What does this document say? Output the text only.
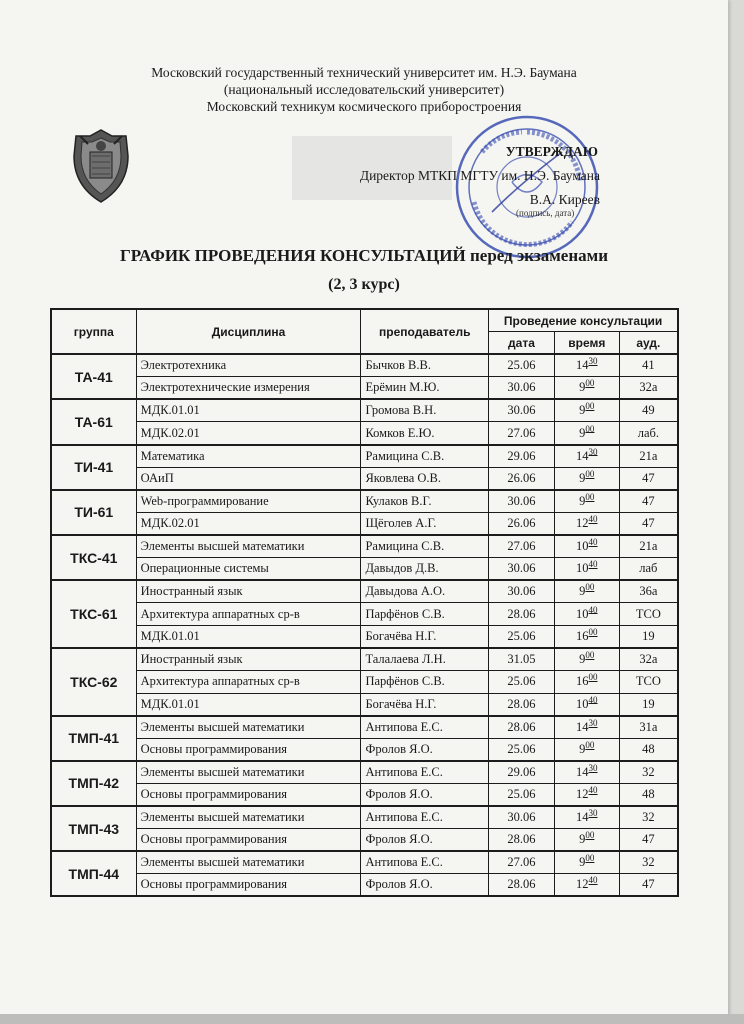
Московский государственный технический университет им. Н.Э. Баумана
(национальный исследовательский университет)
Московский техникум космического приборостроения
УТВЕРЖДАЮ
Директор МТКП МГТУ им. Н.Э. Баумана
В.А. Киреев
(подпись, дата)
ГРАФИК ПРОВЕДЕНИЯ КОНСУЛЬТАЦИЙ перед экзаменами
(2, 3 курс)
группа	Дисциплина	преподаватель	Проведение консультации		
			дата	время	ауд.
ТА-41	Электротехника	Бычков В.В.	25.06	$14^{30}$	41
	Электротехнические измерения	Ерёмин М.Ю.	30.06	$9^{00}$	32а
ТА-61	МДК.01.01	Громова В.Н.	30.06	$9^{00}$	49
	МДК.02.01	Комков Е.Ю.	27.06	$9^{00}$	лаб.
ТИ-41	Математика	Рамицина С.В.	29.06	$14^{30}$	21а
	ОАиП	Яковлева О.В.	26.06	$9^{00}$	47
ТИ-61	Web-программирование	Кулаков В.Г.	30.06	$9^{00}$	47
	МДК.02.01	Щёголев А.Г.	26.06	$12^{40}$	47
ТКС-41	Элементы высшей математики	Рамицина С.В.	27.06	$10^{40}$	21а
	Операционные системы	Давыдов Д.В.	30.06	$10^{40}$	лаб
ТКС-61	Иностранный язык	Давыдова А.О.	30.06	$9^{00}$	36а
	Архитектура аппаратных ср-в	Парфёнов С.В.	28.06	$10^{40}$	ТСО
	МДК.01.01	Богачёва Н.Г.	25.06	$16^{00}$	19
ТКС-62	Иностранный язык	Талалаева Л.Н.	31.05	$9^{00}$	32а
	Архитектура аппаратных ср-в	Парфёнов С.В.	25.06	$16^{00}$	ТСО
	МДК.01.01	Богачёва Н.Г.	28.06	$10^{40}$	19
ТМП-41	Элементы высшей математики	Антипова Е.С.	28.06	$14^{30}$	31а
	Основы программирования	Фролов Я.О.	25.06	$9^{00}$	48
ТМП-42	Элементы высшей математики	Антипова Е.С.	29.06	$14^{30}$	32
	Основы программирования	Фролов Я.О.	25.06	$12^{40}$	48
ТМП-43	Элементы высшей математики	Антипова Е.С.	30.06	$14^{30}$	32
	Основы программирования	Фролов Я.О.	28.06	$9^{00}$	47
ТМП-44	Элементы высшей математики	Антипова Е.С.	27.06	$9^{00}$	32
	Основы программирования	Фролов Я.О.	28.06	$12^{40}$	47
